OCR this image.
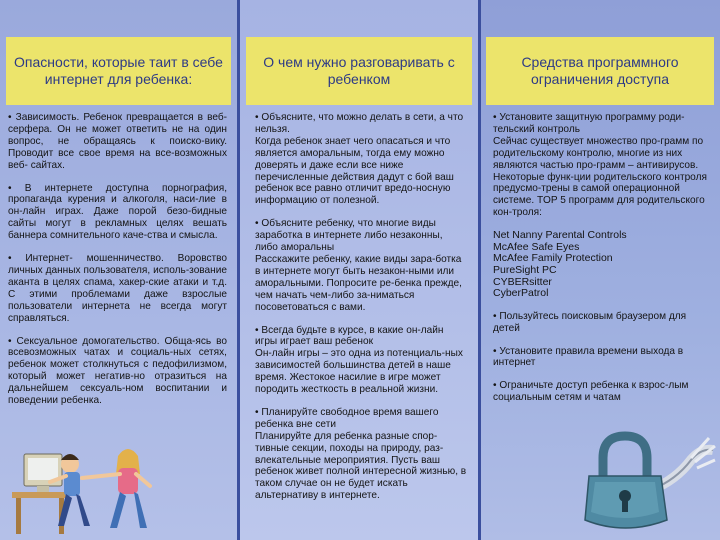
Опасности, которые таит в себе интернет для ребенка:

• Зависимость. Ребенок превращается в веб-серфера. Он не может ответить не на один вопрос, не обращаясь к поиско-вику. Проводит все свое время на все-возможных веб- сайтах.

• В интернете доступна порнография, пропаганда курения и алкоголя, наси-лие в он-лайн играх. Даже порой безо-бидные сайты могут в рекламных целях вешать баннера сомнительного каче-ства и смысла.

• Интернет- мошенничество. Воровство личных данных пользователя, исполь-зование аканта в целях спама, хакер-ские атаки и т.д. С этими проблемами даже взрослые пользователи интернета не всегда могут справляться.

• Сексуальное домогательство. Обща-ясь во всевозможных чатах и социаль-ных сетях, ребенок может столкнуться с педофилизмом, который может негатив-но отразиться на дальнейшем сексуаль-ном воспитании и поведении ребенка.

О чем нужно разговаривать с ребенком

• Объясните, что можно делать в сети, а что нельзя.
Когда ребенок знает чего опасаться и что является аморальным, тогда ему можно доверять и даже если все ниже перечисленные действия дадут с бой ваш ребенок все равно отличит вредо-носную информацию от полезной.

• Объясните ребенку, что многие виды заработка в интернете либо незаконны, либо аморальны
Расскажите ребенку, какие виды зара-ботка в интернете могут быть незакон-ными или аморальными. Попросите ре-бенка прежде, чем начать чем-либо за-ниматься посоветоваться с вами.

• Всегда будьте в курсе, в какие он-лайн игры играет ваш ребенок
Он-лайн игры – это одна из потенциаль-ных зависимостей большинства детей в наше время. Жестокое насилие в игре может породить жесткость в реальной жизни.

• Планируйте свободное время вашего ребенка вне сети
Планируйте для ребенка разные спор-тивные секции, походы на природу, раз-влекательные мероприятия. Пусть ваш ребенок живет полной интересной жизнью, в таком случае он не будет искать альтернативу в интернете.

Средства программного ограничения доступа

• Установите защитную программу роди-тельский контроль
Сейчас существует множество про-грамм по родительскому контролю, многие из них являются частью про-грамм – антивирусов. Некоторые функ-ции родительского контроля предусмо-трены в самой операционной системе. TOP 5 программ для родительского кон-троля:

Net Nanny Parental Controls
McAfee Safe Eyes
McAfee Family Protection
PureSight PC
CYBERsitter
CyberPatrol

• Пользуйтесь поисковым браузером для детей

• Установите правила времени выхода в интернет

• Ограничьте доступ ребенка к взрос-лым социальным сетям и чатам
